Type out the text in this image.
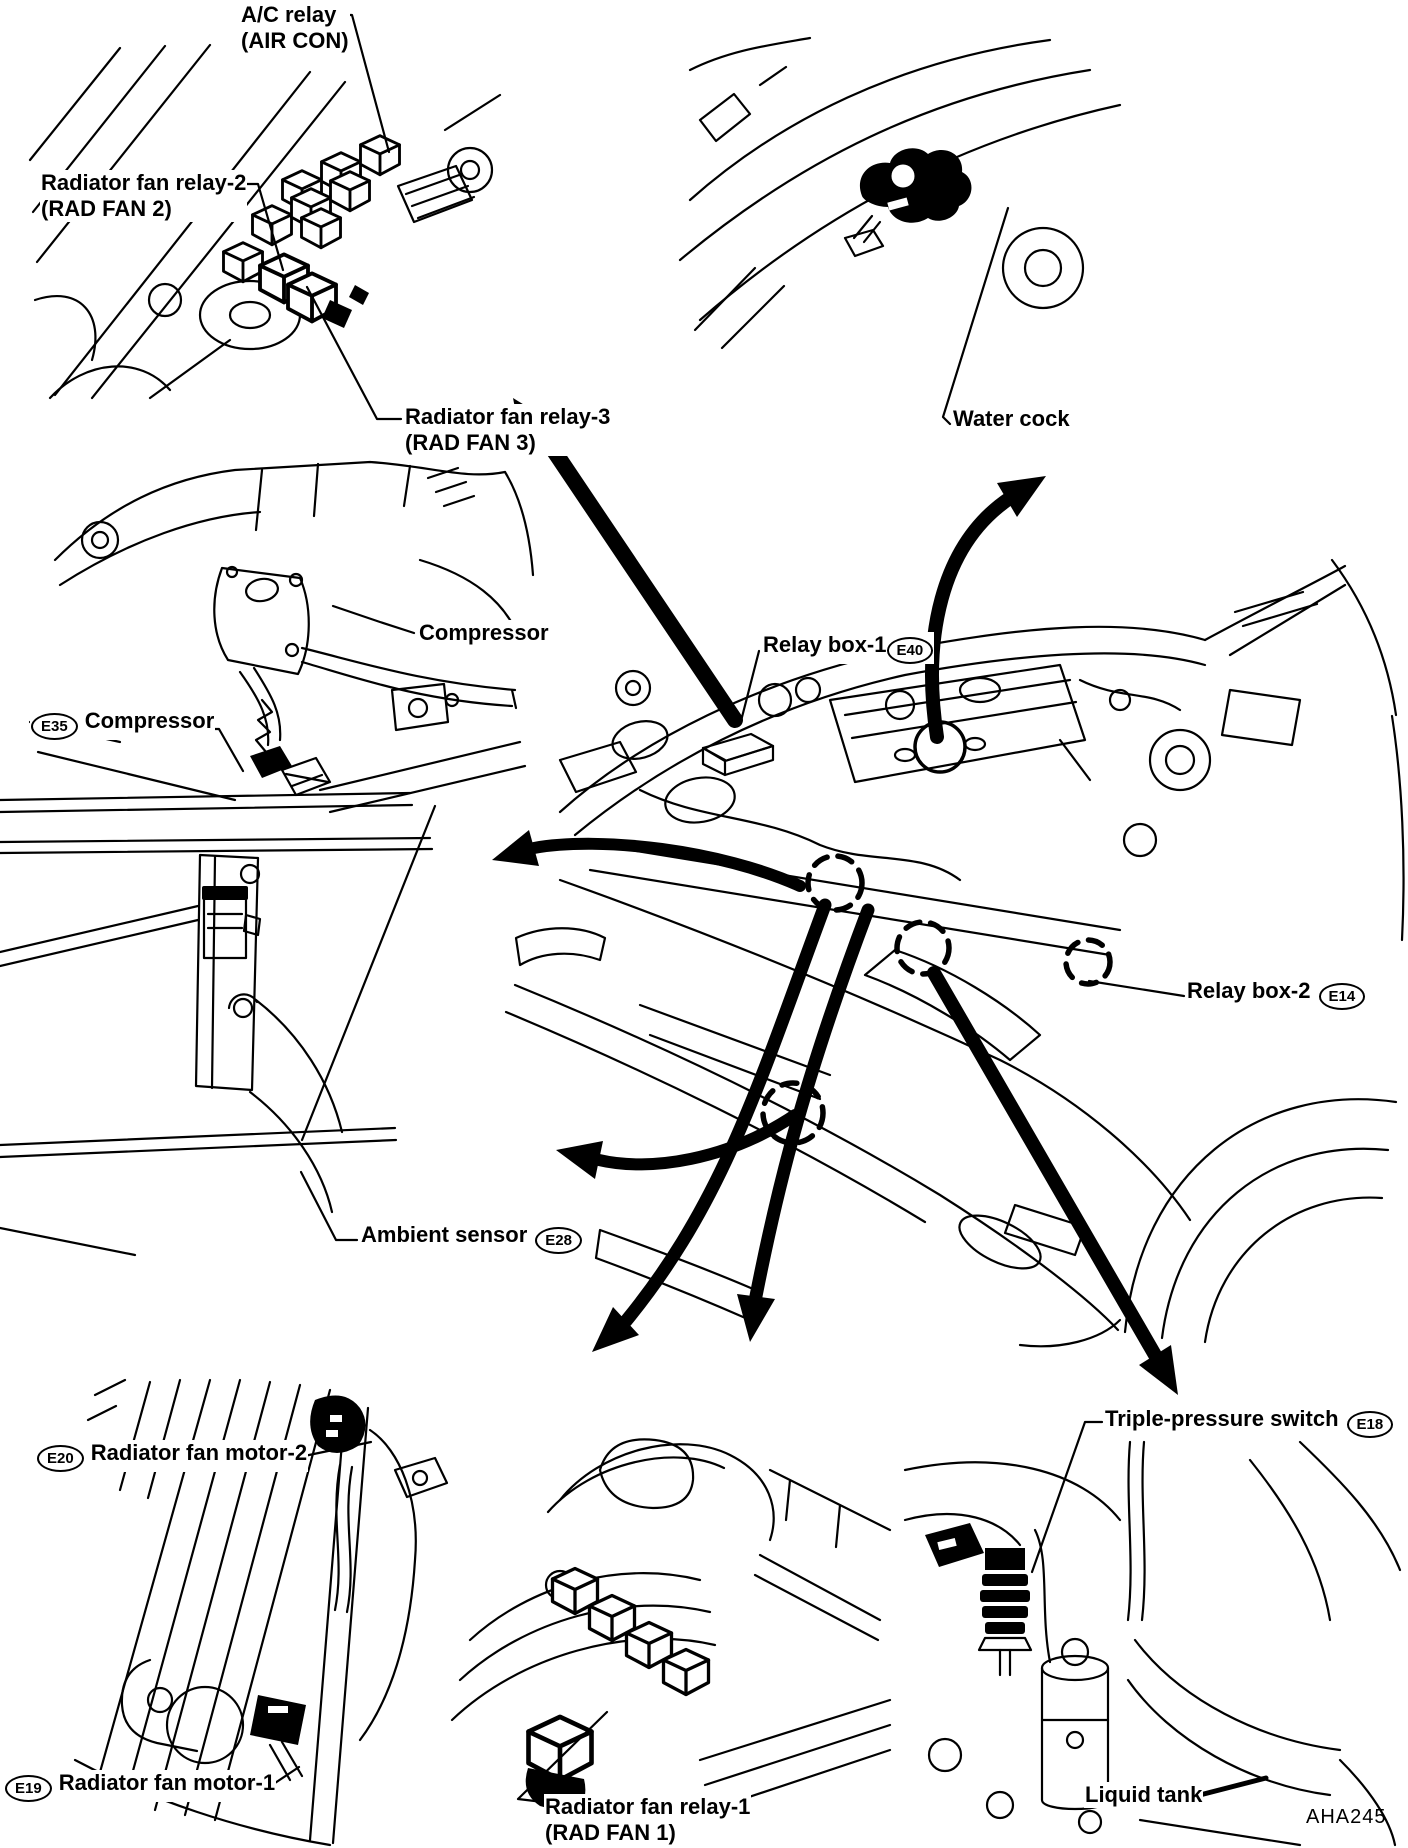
A/C relay
(AIR CON)
Radiator fan relay-2
(RAD FAN 2)
Radiator fan relay-3
(RAD FAN 3)
Water cock
Compressor
E35 Compressor
Relay box-1 E40
Relay box-2 E14
Ambient sensor E28
E20 Radiator fan motor-2
E19 Radiator fan motor-1
Radiator fan relay-1
(RAD FAN 1)
Triple-pressure switch E18
Liquid tank
AHA245
